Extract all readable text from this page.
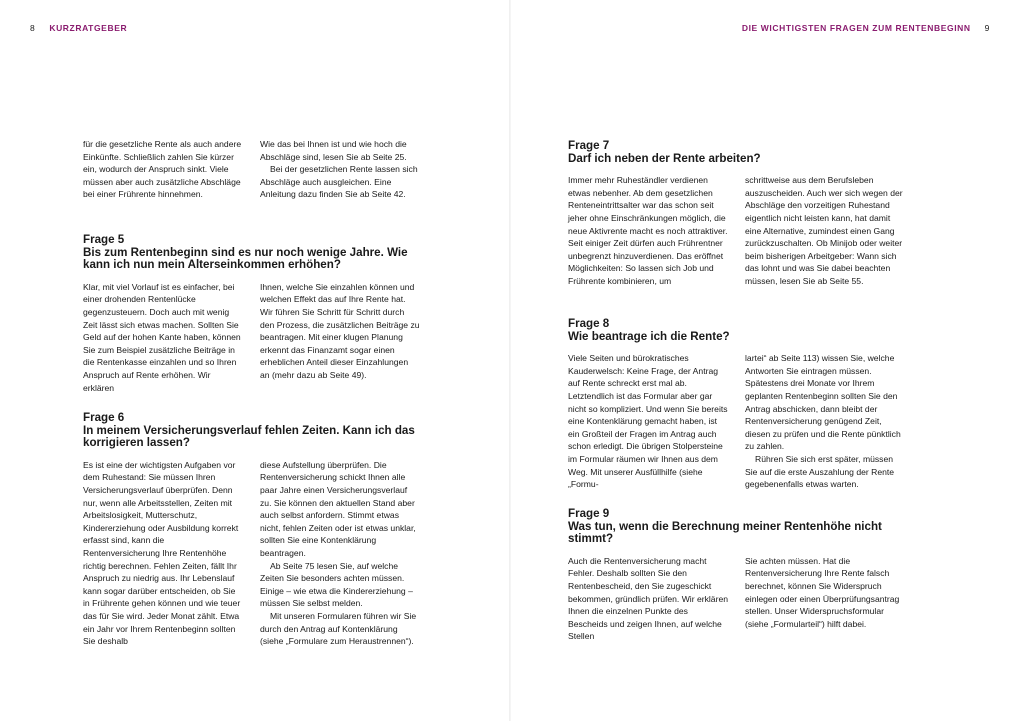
8 KURZRATGEBER	DIE WICHTIGSTEN FRAGEN ZUM RENTENBEGINN 9

für die gesetzliche Rente als auch andere Einkünfte. Schließlich zahlen Sie kürzer ein, wodurch der Anspruch sinkt. Viele müssen aber auch zusätzliche Abschläge bei einer Frührente hinnehmen.

Wie das bei Ihnen ist und wie hoch die Abschläge sind, lesen Sie ab Seite 25.

Bei der gesetzlichen Rente lassen sich Abschläge auch ausgleichen. Eine Anleitung dazu finden Sie ab Seite 42.

Frage 5
Bis zum Rentenbeginn sind es nur noch wenige Jahre. Wie kann ich nun mein Alterseinkommen erhöhen?

Klar, mit viel Vorlauf ist es einfacher, bei einer drohenden Rentenlücke gegenzusteuern. Doch auch mit wenig Zeit lässt sich etwas machen. Sollten Sie Geld auf der hohen Kante haben, können Sie zum Beispiel zusätzliche Beiträge in die Rentenkasse einzahlen und so Ihren Anspruch auf Rente erhöhen. Wir erklären

Ihnen, welche Sie einzahlen können und welchen Effekt das auf Ihre Rente hat. Wir führen Sie Schritt für Schritt durch den Prozess, die zusätzlichen Beiträge zu beantragen. Mit einer klugen Planung erkennt das Finanzamt sogar einen erheblichen Anteil dieser Einzahlungen an (mehr dazu ab Seite 49).

Frage 6
In meinem Versicherungsverlauf fehlen Zeiten. Kann ich das korrigieren lassen?

Es ist eine der wichtigsten Aufgaben vor dem Ruhestand: Sie müssen Ihren Versicherungsverlauf überprüfen. Denn nur, wenn alle Arbeitsstellen, Zeiten mit Arbeitslosigkeit, Mutterschutz, Kindererziehung oder Ausbildung korrekt erfasst sind, kann die Rentenversicherung Ihre Rentenhöhe richtig berechnen. Fehlen Zeiten, fällt Ihr Anspruch zu niedrig aus. Ihr Lebenslauf kann sogar darüber entscheiden, ob Sie in Frührente gehen können und wie teuer das für Sie wird. Jeder Monat zählt. Etwa ein Jahr vor Ihrem Rentenbeginn sollten Sie deshalb

diese Aufstellung überprüfen. Die Rentenversicherung schickt Ihnen alle paar Jahre einen Versicherungsverlauf zu. Sie können den aktuellen Stand aber auch selbst anfordern. Stimmt etwas nicht, fehlen Zeiten oder ist etwas unklar, sollten Sie eine Kontenklärung beantragen.

Ab Seite 75 lesen Sie, auf welche Zeiten Sie besonders achten müssen. Einige – wie etwa die Kindererziehung – müssen Sie selbst melden.

Mit unseren Formularen führen wir Sie durch den Antrag auf Kontenklärung (siehe „Formulare zum Heraustrennen“).

Frage 7
Darf ich neben der Rente arbeiten?

Immer mehr Ruheständler verdienen etwas nebenher. Ab dem gesetzlichen Renteneintrittsalter war das schon seit jeher ohne Einschränkungen möglich, die neue Aktivrente macht es noch attraktiver. Seit einiger Zeit dürfen auch Frührentner unbegrenzt hinzuverdienen. Das eröffnet Möglichkeiten: So lassen sich Job und Frührente kombinieren, um

schrittweise aus dem Berufsleben auszuscheiden. Auch wer sich wegen der Abschläge den vorzeitigen Ruhestand eigentlich nicht leisten kann, hat damit eine Alternative, zumindest einen Gang zurückzuschalten. Ob Minijob oder weiter beim bisherigen Arbeitgeber: Wann sich das lohnt und was Sie dabei beachten müssen, lesen Sie ab Seite 55.

Frage 8
Wie beantrage ich die Rente?

Viele Seiten und bürokratisches Kauderwelsch: Keine Frage, der Antrag auf Rente schreckt erst mal ab. Letztendlich ist das Formular aber gar nicht so kompliziert. Und wenn Sie bereits eine Kontenklärung gemacht haben, ist ein Großteil der Fragen im Antrag auch schon erledigt. Die übrigen Stolpersteine im Formular räumen wir Ihnen aus dem Weg. Mit unserer Ausfüllhilfe (siehe „Formu-

lartei“ ab Seite 113) wissen Sie, welche Antworten Sie eintragen müssen. Spätestens drei Monate vor Ihrem geplanten Rentenbeginn sollten Sie den Antrag abschicken, dann bleibt der Rentenversicherung genügend Zeit, diesen zu prüfen und die Rente pünktlich zu zahlen.

Rühren Sie sich erst später, müssen Sie auf die erste Auszahlung der Rente gegebenenfalls etwas warten.

Frage 9
Was tun, wenn die Berechnung meiner Rentenhöhe nicht stimmt?

Auch die Rentenversicherung macht Fehler. Deshalb sollten Sie den Rentenbescheid, den Sie zugeschickt bekommen, gründlich prüfen. Wir erklären Ihnen die einzelnen Punkte des Bescheids und zeigen Ihnen, auf welche Stellen

Sie achten müssen. Hat die Rentenversicherung Ihre Rente falsch berechnet, können Sie Widerspruch einlegen oder einen Überprüfungsantrag stellen. Unser Widerspruchsformular (siehe „Formularteil“) hilft dabei.
